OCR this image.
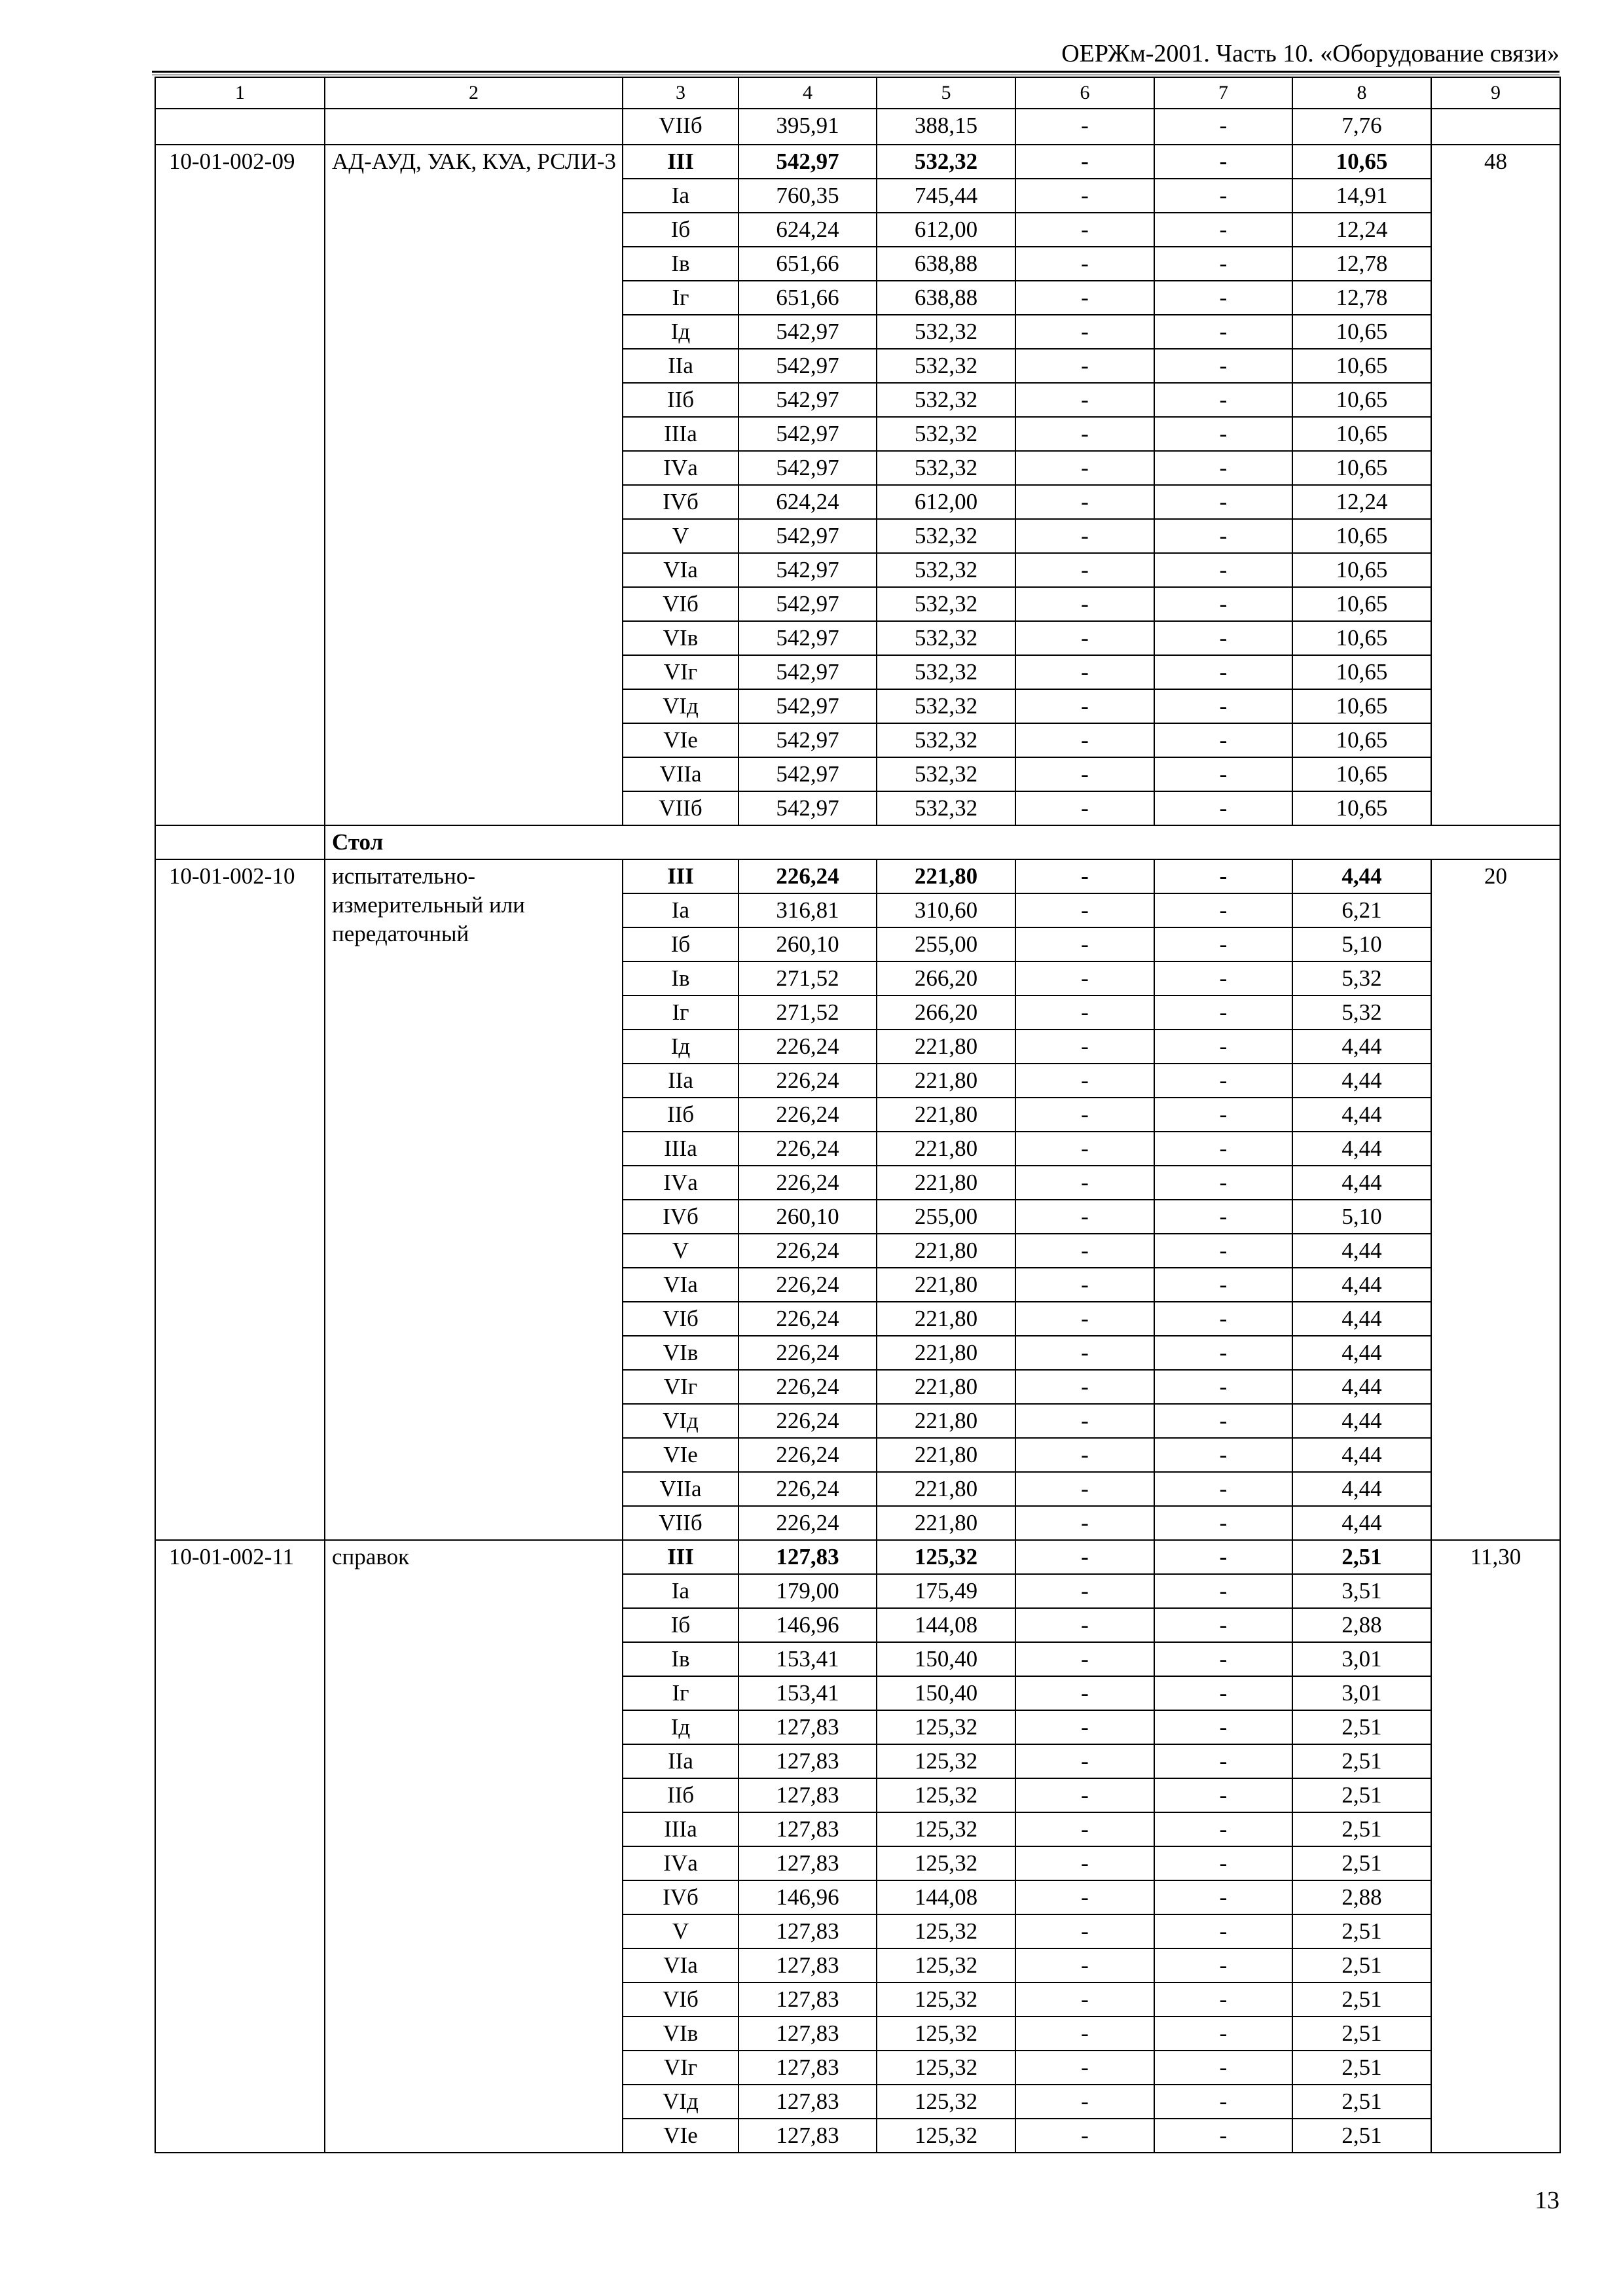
ОЕРЖм-2001. Часть 10. «Оборудование связи»
1	2	3	4	5	6	7	8	9
		VIIб	395,91	388,15	-	-	7,76	
10-01-002-09	АД-АУД, УАК, КУА, РСЛИ-3	III	542,97	532,32	-	-	10,65	48
		Iа	760,35	745,44	-	-	14,91	
		Iб	624,24	612,00	-	-	12,24	
		Iв	651,66	638,88	-	-	12,78	
		Iг	651,66	638,88	-	-	12,78	
		Iд	542,97	532,32	-	-	10,65	
		IIа	542,97	532,32	-	-	10,65	
		IIб	542,97	532,32	-	-	10,65	
		IIIа	542,97	532,32	-	-	10,65	
		IVа	542,97	532,32	-	-	10,65	
		IVб	624,24	612,00	-	-	12,24	
		V	542,97	532,32	-	-	10,65	
		VIа	542,97	532,32	-	-	10,65	
		VIб	542,97	532,32	-	-	10,65	
		VIв	542,97	532,32	-	-	10,65	
		VIг	542,97	532,32	-	-	10,65	
		VIд	542,97	532,32	-	-	10,65	
		VIе	542,97	532,32	-	-	10,65	
		VIIа	542,97	532,32	-	-	10,65	
		VIIб	542,97	532,32	-	-	10,65	
	Стол							
10-01-002-10	испытательно-измерительный или передаточный	III	226,24	221,80	-	-	4,44	20
		Iа	316,81	310,60	-	-	6,21	
		Iб	260,10	255,00	-	-	5,10	
		Iв	271,52	266,20	-	-	5,32	
		Iг	271,52	266,20	-	-	5,32	
		Iд	226,24	221,80	-	-	4,44	
		IIа	226,24	221,80	-	-	4,44	
		IIб	226,24	221,80	-	-	4,44	
		IIIа	226,24	221,80	-	-	4,44	
		IVа	226,24	221,80	-	-	4,44	
		IVб	260,10	255,00	-	-	5,10	
		V	226,24	221,80	-	-	4,44	
		VIа	226,24	221,80	-	-	4,44	
		VIб	226,24	221,80	-	-	4,44	
		VIв	226,24	221,80	-	-	4,44	
		VIг	226,24	221,80	-	-	4,44	
		VIд	226,24	221,80	-	-	4,44	
		VIе	226,24	221,80	-	-	4,44	
		VIIа	226,24	221,80	-	-	4,44	
		VIIб	226,24	221,80	-	-	4,44	
10-01-002-11	справок	III	127,83	125,32	-	-	2,51	11,30
		Iа	179,00	175,49	-	-	3,51	
		Iб	146,96	144,08	-	-	2,88	
		Iв	153,41	150,40	-	-	3,01	
		Iг	153,41	150,40	-	-	3,01	
		Iд	127,83	125,32	-	-	2,51	
		IIа	127,83	125,32	-	-	2,51	
		IIб	127,83	125,32	-	-	2,51	
		IIIа	127,83	125,32	-	-	2,51	
		IVа	127,83	125,32	-	-	2,51	
		IVб	146,96	144,08	-	-	2,88	
		V	127,83	125,32	-	-	2,51	
		VIа	127,83	125,32	-	-	2,51	
		VIб	127,83	125,32	-	-	2,51	
		VIв	127,83	125,32	-	-	2,51	
		VIг	127,83	125,32	-	-	2,51	
		VIд	127,83	125,32	-	-	2,51	
		VIе	127,83	125,32	-	-	2,51	
13
